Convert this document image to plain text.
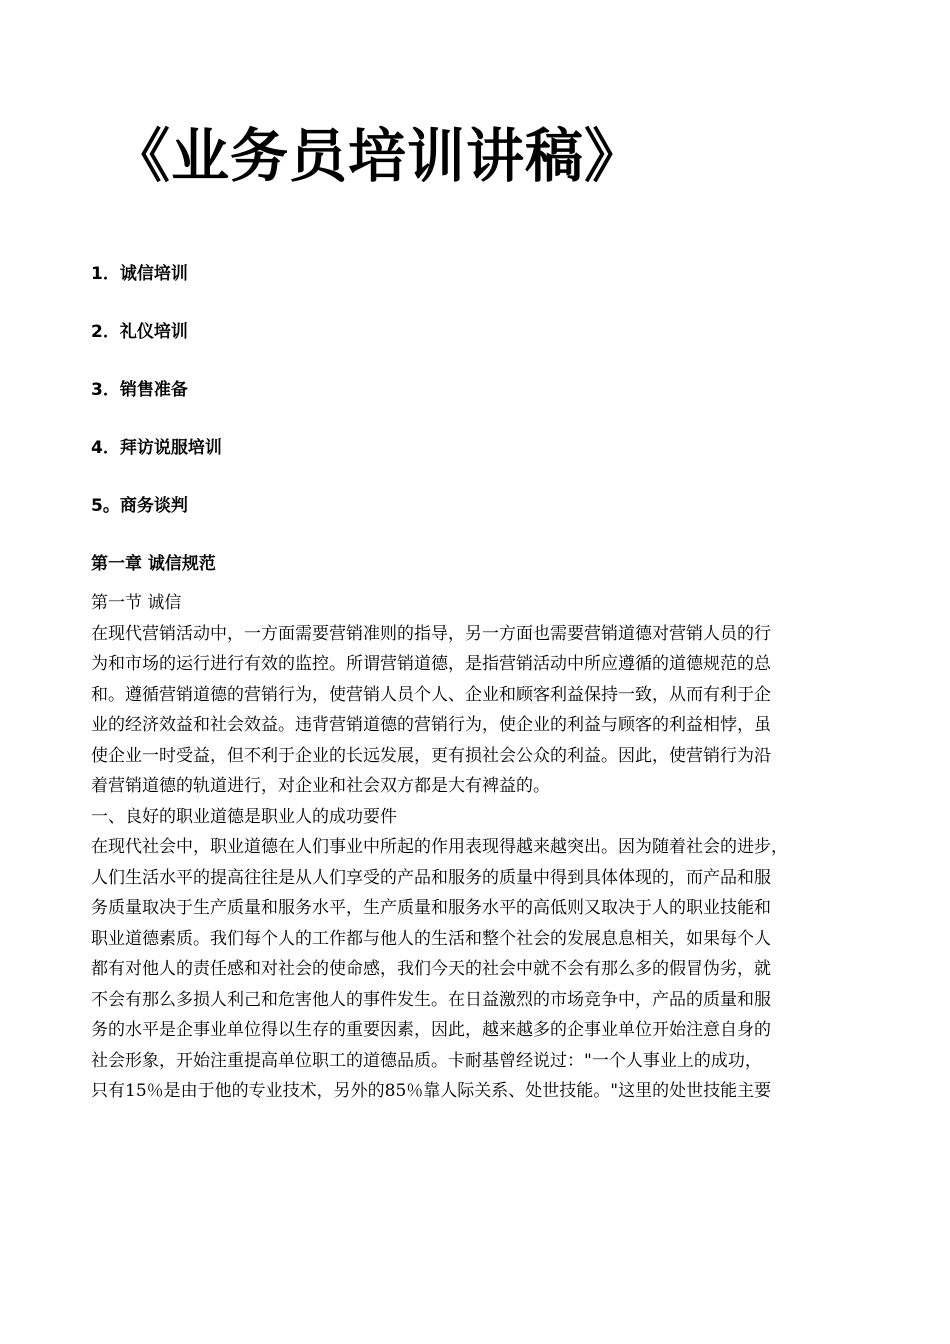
《业务员培训讲稿》
1．诚信培训
2．礼仪培训
3．销售准备
4．拜访说服培训
5。商务谈判
第一章 诚信规范
第一节 诚信
在现代营销活动中，一方面需要营销准则的指导，另一方面也需要营销道德对营销人员的行
为和市场的运行进行有效的监控。所谓营销道德，是指营销活动中所应遵循的道德规范的总
和。遵循营销道德的营销行为，使营销人员个人、企业和顾客利益保持一致，从而有利于企
业的经济效益和社会效益。违背营销道德的营销行为，使企业的利益与顾客的利益相悖，虽
使企业一时受益，但不利于企业的长远发展，更有损社会公众的利益。因此，使营销行为沿
着营销道德的轨道进行，对企业和社会双方都是大有裨益的。
一、良好的职业道德是职业人的成功要件
在现代社会中，职业道德在人们事业中所起的作用表现得越来越突出。因为随着社会的进步，
人们生活水平的提高往往是从人们享受的产品和服务的质量中得到具体体现的，而产品和服
务质量取决于生产质量和服务水平，生产质量和服务水平的高低则又取决于人的职业技能和
职业道德素质。我们每个人的工作都与他人的生活和整个社会的发展息息相关，如果每个人
都有对他人的责任感和对社会的使命感，我们今天的社会中就不会有那么多的假冒伪劣，就
不会有那么多损人利己和危害他人的事件发生。在日益激烈的市场竞争中，产品的质量和服
务的水平是企事业单位得以生存的重要因素，因此，越来越多的企事业单位开始注意自身的
社会形象，开始注重提高单位职工的道德品质。卡耐基曾经说过："一个人事业上的成功，
只有15％是由于他的专业技术，另外的85％靠人际关系、处世技能。"这里的处世技能主要
